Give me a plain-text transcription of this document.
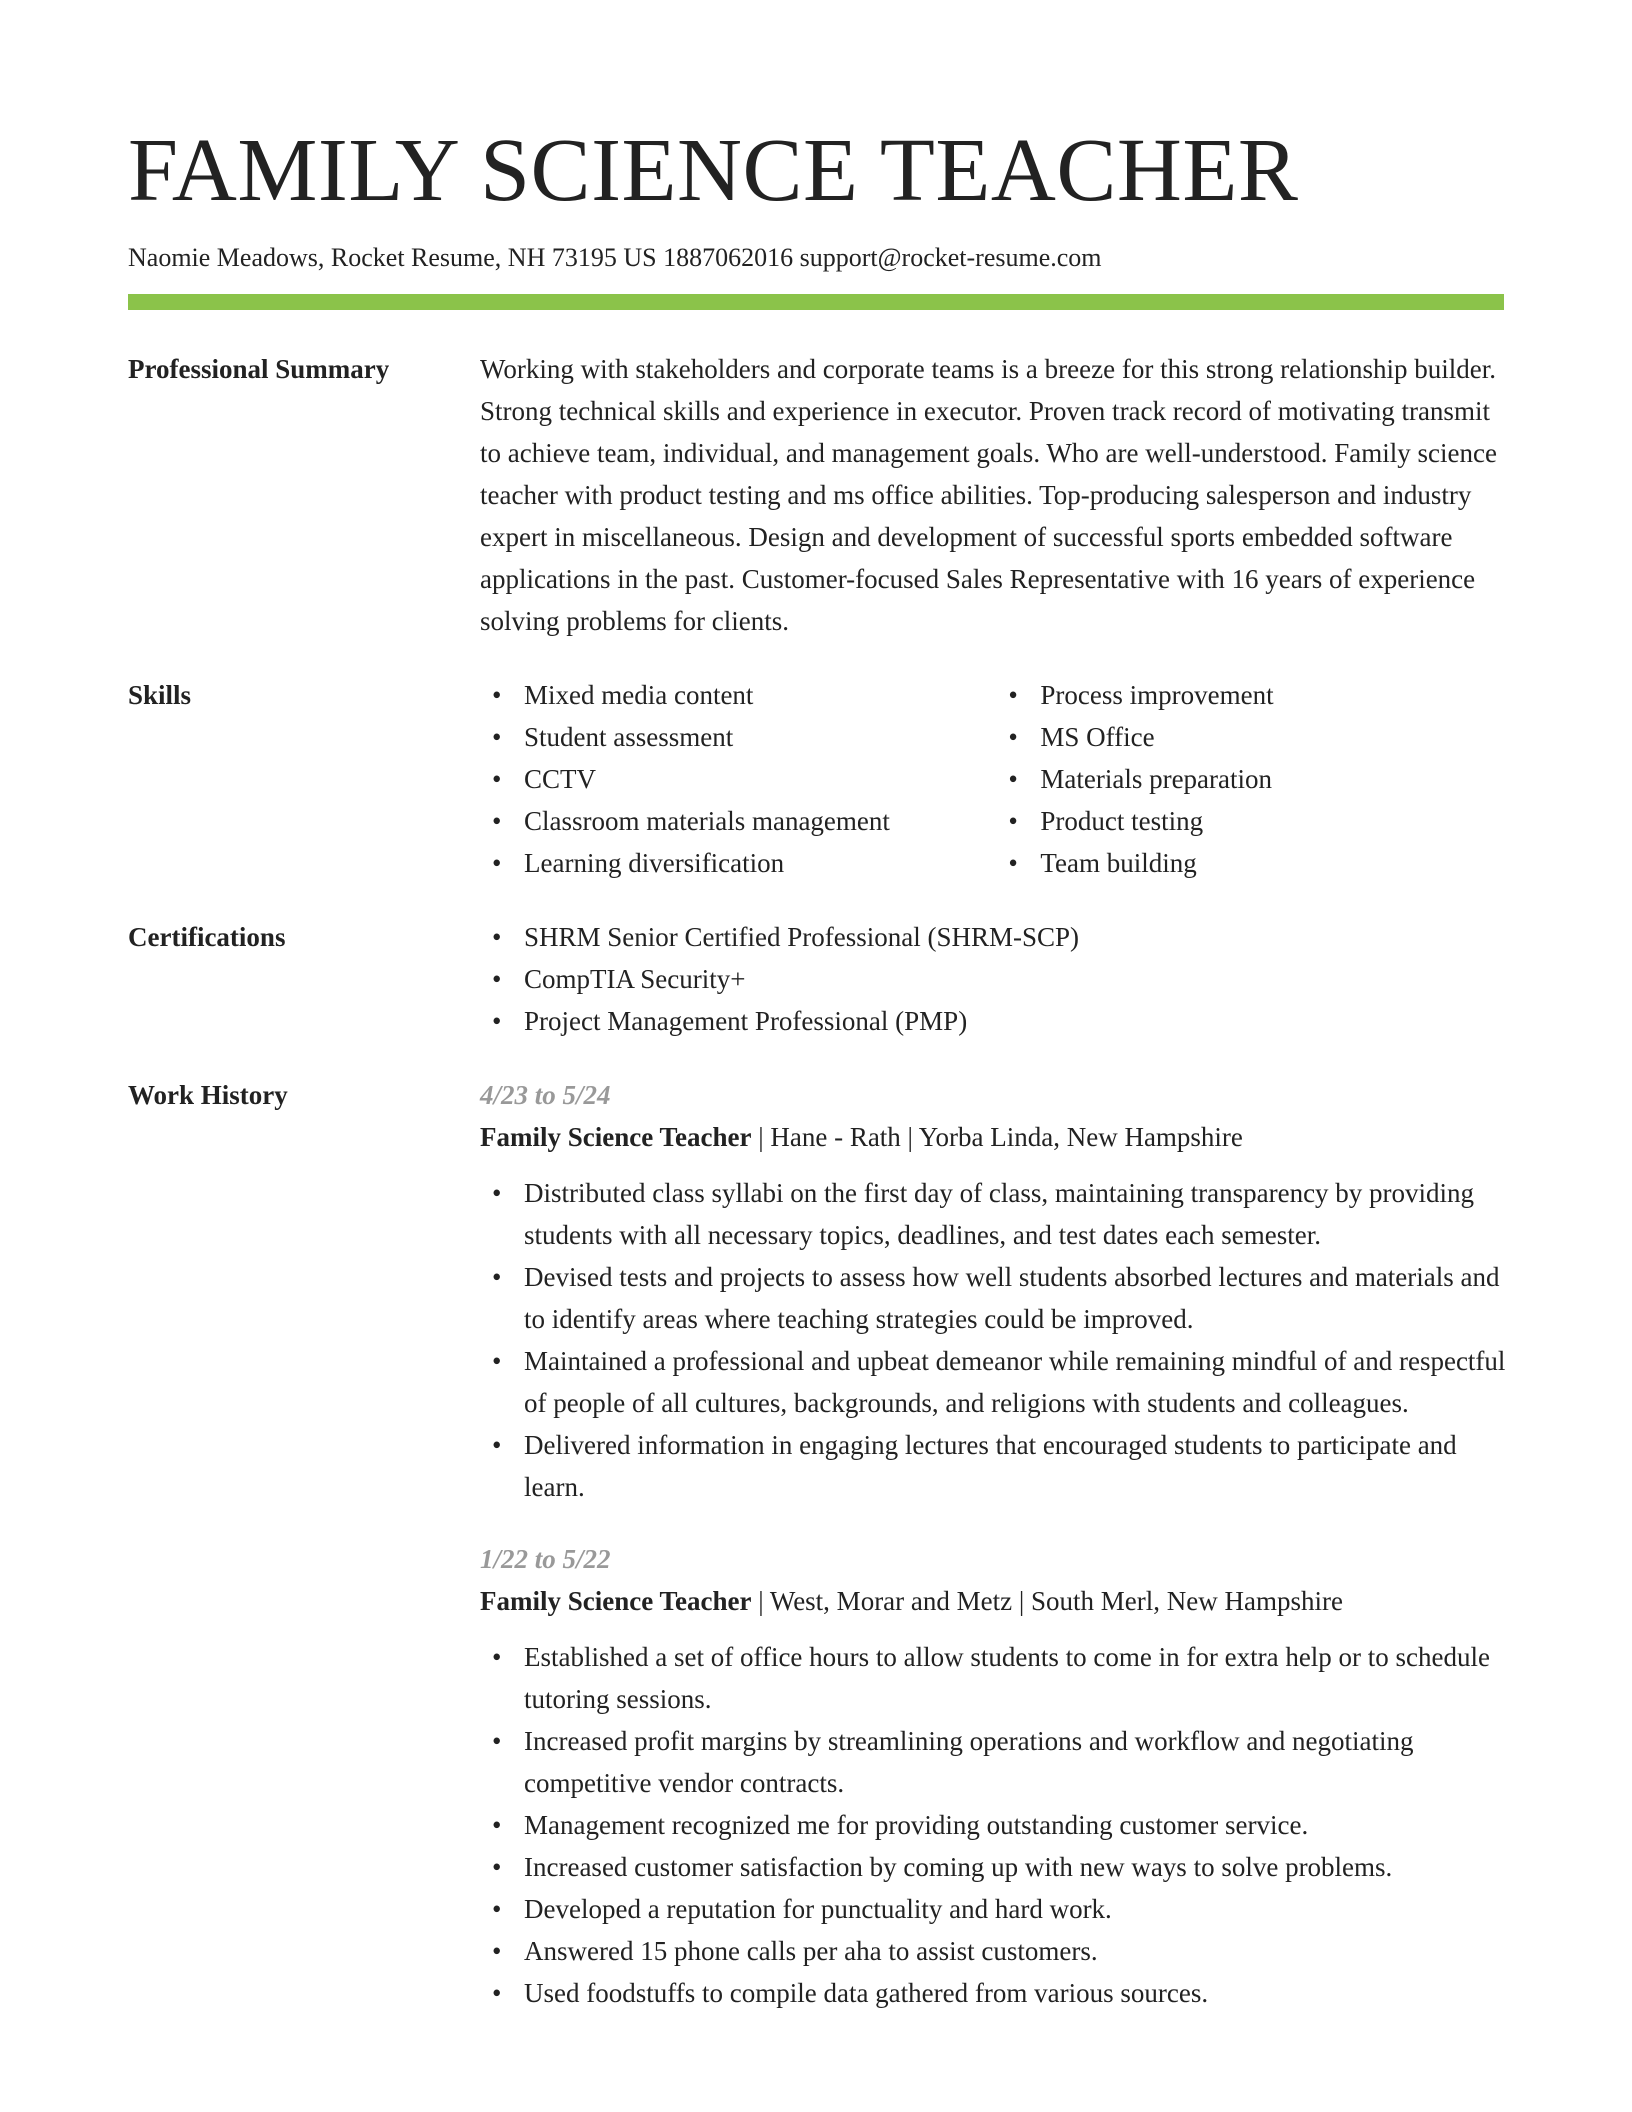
FAMILY SCIENCE TEACHER
Naomie Meadows, Rocket Resume, NH 73195 US 1887062016 support@rocket-resume.com
Professional Summary	Working with stakeholders and corporate teams is a breeze for this strong relationship builder. Strong technical skills and experience in executor. Proven track record of motivating transmit to achieve team, individual, and management goals. Who are well-understood. Family science teacher with product testing and ms office abilities. Top-producing salesperson and industry expert in miscellaneous. Design and development of successful sports embedded software applications in the past. Customer-focused Sales Representative with 16 years of experience solving problems for clients.

Skills	• Mixed media content
• Student assessment
• CCTV
• Classroom materials management
• Learning diversification
• Process improvement
• MS Office
• Materials preparation
• Product testing
• Team building
Certifications	• SHRM Senior Certified Professional (SHRM-SCP)
• CompTIA Security+
• Project Management Professional (PMP)
Work History	4/23 to 5/24
Family Science Teacher | Hane - Rath | Yorba Linda, New Hampshire
• Distributed class syllabi on the first day of class, maintaining transparency by providing students with all necessary topics, deadlines, and test dates each semester.
• Devised tests and projects to assess how well students absorbed lectures and materials and to identify areas where teaching strategies could be improved.
• Maintained a professional and upbeat demeanor while remaining mindful of and respectful of people of all cultures, backgrounds, and religions with students and colleagues.
• Delivered information in engaging lectures that encouraged students to participate and learn.
1/22 to 5/22
Family Science Teacher | West, Morar and Metz | South Merl, New Hampshire
• Established a set of office hours to allow students to come in for extra help or to schedule tutoring sessions.
• Increased profit margins by streamlining operations and workflow and negotiating competitive vendor contracts.
• Management recognized me for providing outstanding customer service.
• Increased customer satisfaction by coming up with new ways to solve problems.
• Developed a reputation for punctuality and hard work.
• Answered 15 phone calls per aha to assist customers.
• Used foodstuffs to compile data gathered from various sources.
